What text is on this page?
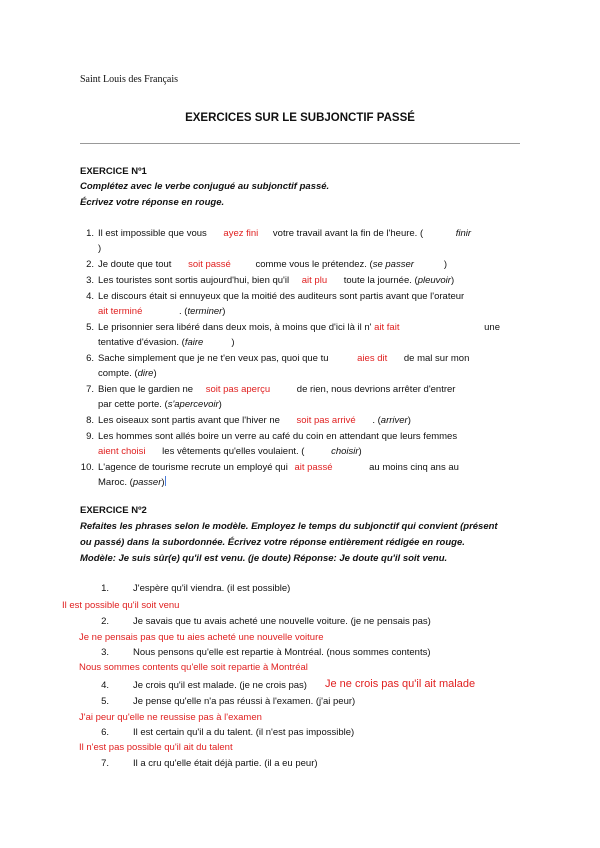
Saint Louis des Français
EXERCICES SUR LE SUBJONCTIF PASSÉ
EXERCICE Nº1
Complétez avec le verbe conjugué au subjonctif passé.
Écrivez votre réponse en rouge.
1. Il est impossible que vous ayez fini votre travail avant la fin de l'heure. (	finir
)
2. Je doute que tout soit passé	comme vous le prétendez. (se passer	)
3. Les touristes sont sortis aujourd'hui, bien qu'il ait plu toute la journée. (pleuvoir)
4. Le discours était si ennuyeux que la moitié des auditeurs sont partis avant que l'orateur
ait terminé	. (terminer)
5. Le prisonnier sera libéré dans deux mois, à moins que d'ici là il n' ait fait	une

tentative d'évasion. (faire	)
6. Sache simplement que je ne t'en veux pas, quoi que tu	aies dit de mal sur mon
compte. (dire)
7. Bien que le gardien ne soit pas aperçu	de rien, nous devrions arrêter d'entrer
par cette porte. (s'apercevoir)
8. Les oiseaux sont partis avant que l'hiver ne soit pas arrivé . (arriver)
9. Les hommes sont allés boire un verre au café du coin en attendant que leurs femmes
aient choisi les vêtements qu'elles voulaient. (	choisir)
10. L'agence de tourisme recrute un employé qui ait passé	au moins cinq ans au
Maroc. (passer)
EXERCICE Nº2
Refaites les phrases selon le modèle. Employez le temps du subjonctif qui convient (présent
ou passé) dans la subordonnée. Écrivez votre réponse entièrement rédigée en rouge.
Modèle: Je suis sûr(e) qu'il est venu. (je doute) Réponse: Je doute qu'il soit venu.
1.	J'espère qu'il viendra. (il est possible)
Il est possible qu'il soit venu
2.	Je savais que tu avais acheté une nouvelle voiture. (je ne pensais pas)
Je ne pensais pas que tu aies acheté une nouvelle voiture
3.	Nous pensons qu'elle est repartie à Montréal. (nous sommes contents)
Nous sommes contents qu'elle soit repartie à Montréal
4.	Je crois qu'il est malade. (je ne crois pas) Je ne crois pas qu'il ait malade
5.	Je pense qu'elle n'a pas réussi à l'examen. (j'ai peur)
J'ai peur qu'elle ne reussise pas à l'examen
6.	Il est certain qu'il a du talent. (il n'est pas impossible)
Il n'est pas possible qu'il ait du talent
7.	Il a cru qu'elle était déjà partie. (il a eu peur)
